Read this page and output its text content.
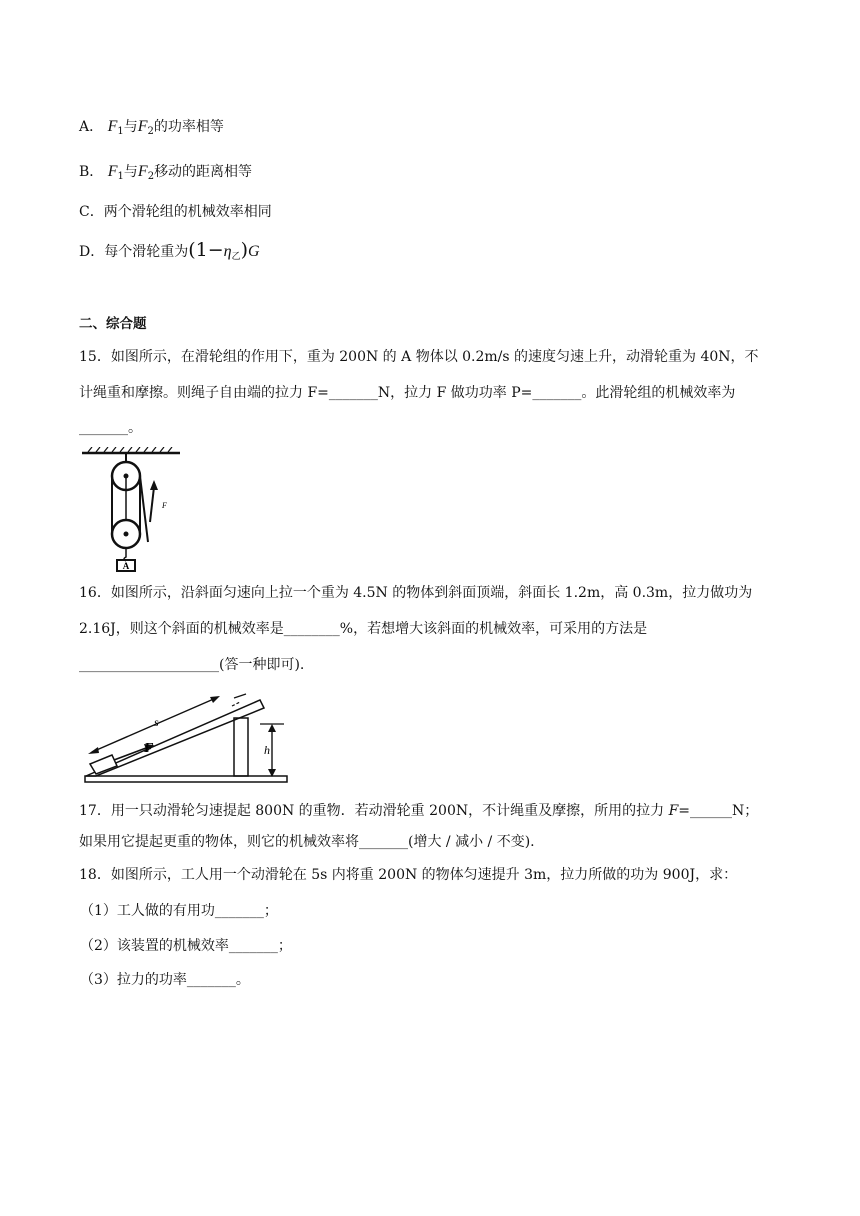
A． $F_1$与$F_2$的功率相等
B． $F_1$与$F_2$移动的距离相等
C．两个滑轮组的机械效率相同
D．每个滑轮重为$(1-\eta_乙)G$
二、综合题
15．如图所示，在滑轮组的作用下，重为 200N 的 A 物体以 0.2m/s 的速度匀速上升，动滑轮重为 40N，不
计绳重和摩擦。则绳子自由端的拉力 F=_______N，拉力 F 做功功率 P=_______。此滑轮组的机械效率为
_______。
F
A
16．如图所示，沿斜面匀速向上拉一个重为 4.5N 的物体到斜面顶端，斜面长 1.2m，高 0.3m，拉力做功为
2.16J，则这个斜面的机械效率是________%，若想增大该斜面的机械效率，可采用的方法是
____________________(答一种即可).
F
s
h
17．用一只动滑轮匀速提起 800N 的重物．若动滑轮重 200N，不计绳重及摩擦，所用的拉力 F=______N；
如果用它提起更重的物体，则它的机械效率将_______(增大 / 减小 / 不变).
18．如图所示，工人用一个动滑轮在 5s 内将重 200N 的物体匀速提升 3m，拉力所做的功为 900J，求：
（1）工人做的有用功_______；
（2）该装置的机械效率_______；
（3）拉力的功率_______。
